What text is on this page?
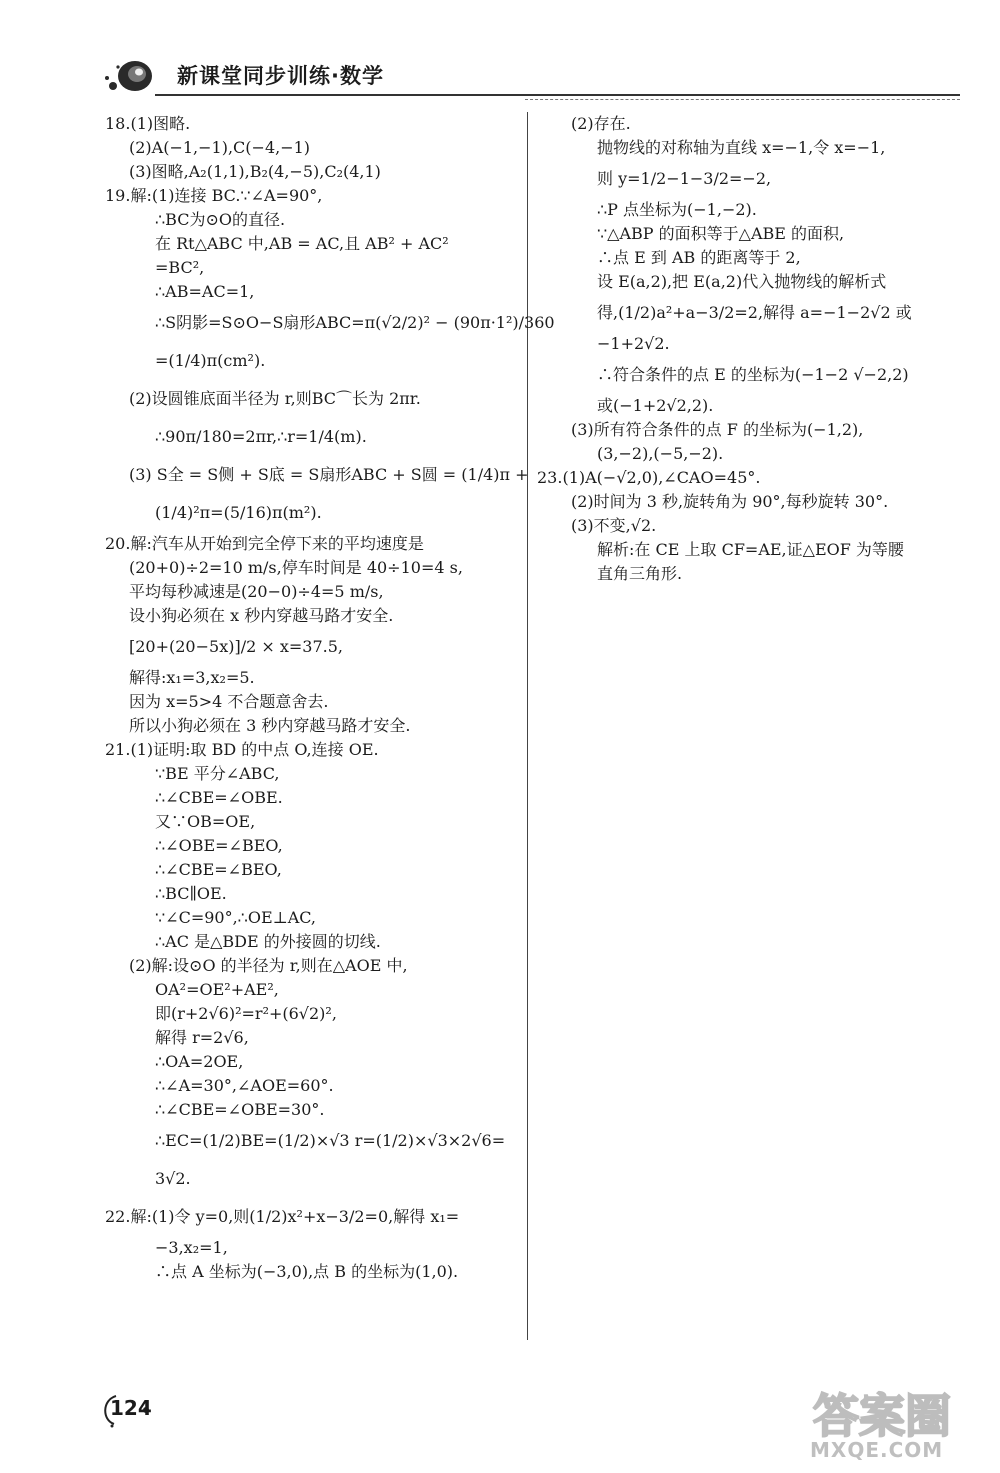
新课堂同步训练·数学
18.(1)图略.
(2)A(−1,−1),C(−4,−1)
(3)图略,A₂(1,1),B₂(4,−5),C₂(4,1)
19.解:(1)连接 BC.∵∠A=90°,
∴BC为⊙O的直径.
在 Rt△ABC 中,AB = AC,且 AB² + AC²
=BC²,
∴AB=AC=1,
∴S阴影=S⊙O−S扇形ABC=π(√2/2)² − (90π·1²)/360
=(1/4)π(cm²).
(2)设圆锥底面半径为 r,则BC⌒长为 2πr.
∴90π/180=2πr,∴r=1/4(m).
(3) S全 = S侧 + S底 = S扇形ABC + S圆 = (1/4)π +
(1/4)²π=(5/16)π(m²).
20.解:汽车从开始到完全停下来的平均速度是
(20+0)÷2=10 m/s,停车时间是 40÷10=4 s,
平均每秒减速是(20−0)÷4=5 m/s,
设小狗必须在 x 秒内穿越马路才安全.
[20+(20−5x)]/2 × x=37.5,
解得:x₁=3,x₂=5.
因为 x=5>4 不合题意舍去.
所以小狗必须在 3 秒内穿越马路才安全.
21.(1)证明:取 BD 的中点 O,连接 OE.
∵BE 平分∠ABC,
∴∠CBE=∠OBE.
又∵OB=OE,
∴∠OBE=∠BEO,
∴∠CBE=∠BEO,
∴BC∥OE.
∵∠C=90°,∴OE⊥AC,
∴AC 是△BDE 的外接圆的切线.
(2)解:设⊙O 的半径为 r,则在△AOE 中,
OA²=OE²+AE²,
即(r+2√6)²=r²+(6√2)²,
解得 r=2√6,
∴OA=2OE,
∴∠A=30°,∠AOE=60°.
∴∠CBE=∠OBE=30°.
∴EC=(1/2)BE=(1/2)×√3 r=(1/2)×√3×2√6=
3√2.
22.解:(1)令 y=0,则(1/2)x²+x−3/2=0,解得 x₁=
−3,x₂=1,
∴点 A 坐标为(−3,0),点 B 的坐标为(1,0).
(2)存在.
抛物线的对称轴为直线 x=−1,令 x=−1,
则 y=1/2−1−3/2=−2,
∴P 点坐标为(−1,−2).
∵△ABP 的面积等于△ABE 的面积,
∴点 E 到 AB 的距离等于 2,
设 E(a,2),把 E(a,2)代入抛物线的解析式
得,(1/2)a²+a−3/2=2,解得 a=−1−2√2 或
−1+2√2.
∴符合条件的点 E 的坐标为(−1−2 √−2,2)
或(−1+2√2,2).
(3)所有符合条件的点 F 的坐标为(−1,2),
(3,−2),(−5,−2).
23.(1)A(−√2,0),∠CAO=45°.
(2)时间为 3 秒,旋转角为 90°,每秒旋转 30°.
(3)不变,√2.
解析:在 CE 上取 CF=AE,证△EOF 为等腰
直角三角形.
124	答案圈
MXQE.COM
